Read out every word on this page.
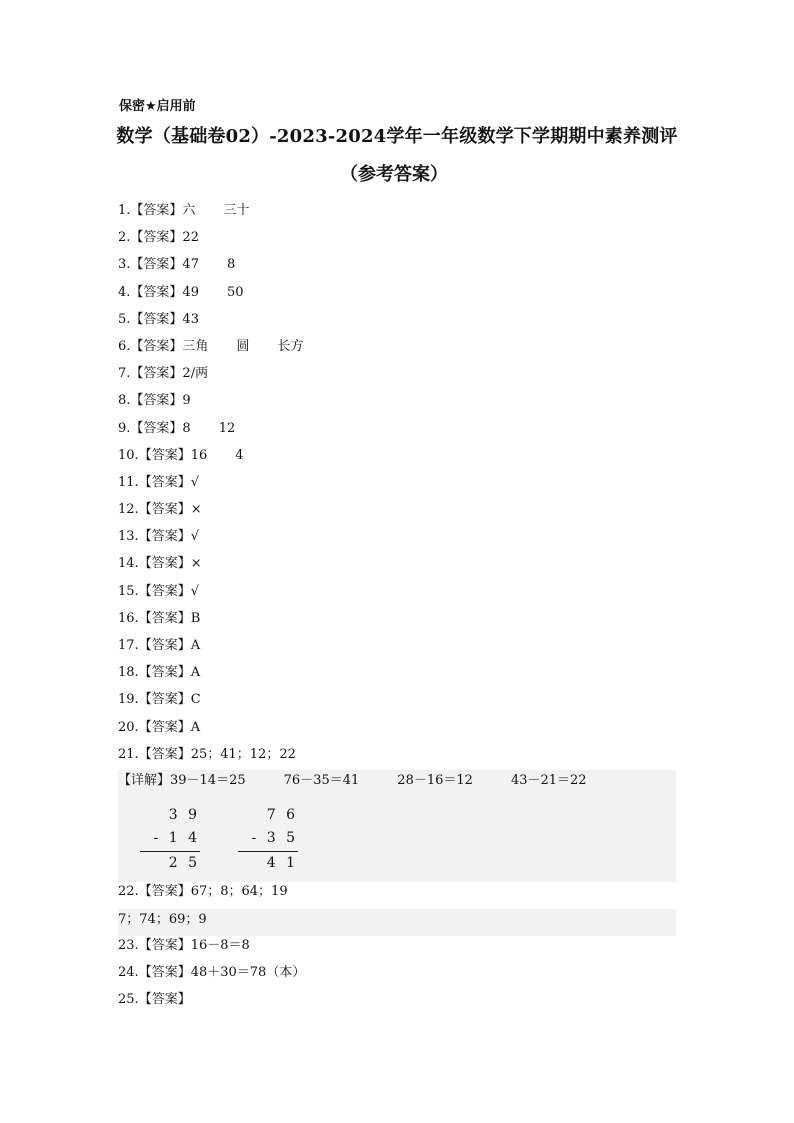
保密★启用前
数学（基础卷02）-2023-2024学年一年级数学下学期期中素养测评
（参考答案）
1.【答案】六 三十
2.【答案】22
3.【答案】47 8
4.【答案】49 50
5.【答案】43
6.【答案】三角 圆 长方
7.【答案】2/两
8.【答案】9
9.【答案】8 12
10.【答案】16 4
11.【答案】√
12.【答案】×
13.【答案】√
14.【答案】×
15.【答案】√
16.【答案】B
17.【答案】A
18.【答案】A
19.【答案】C
20.【答案】A
21.【答案】25；41；12；22
【详解】39－14＝25	76－35＝41	28－16＝12	43－21＝22
3 9
- 1 4
2 5
7 6
- 3 5
4 1
22.【答案】67；8；64；19
7；74；69；9
23.【答案】16－8＝8
24.【答案】48＋30＝78（本）
25.【答案】
